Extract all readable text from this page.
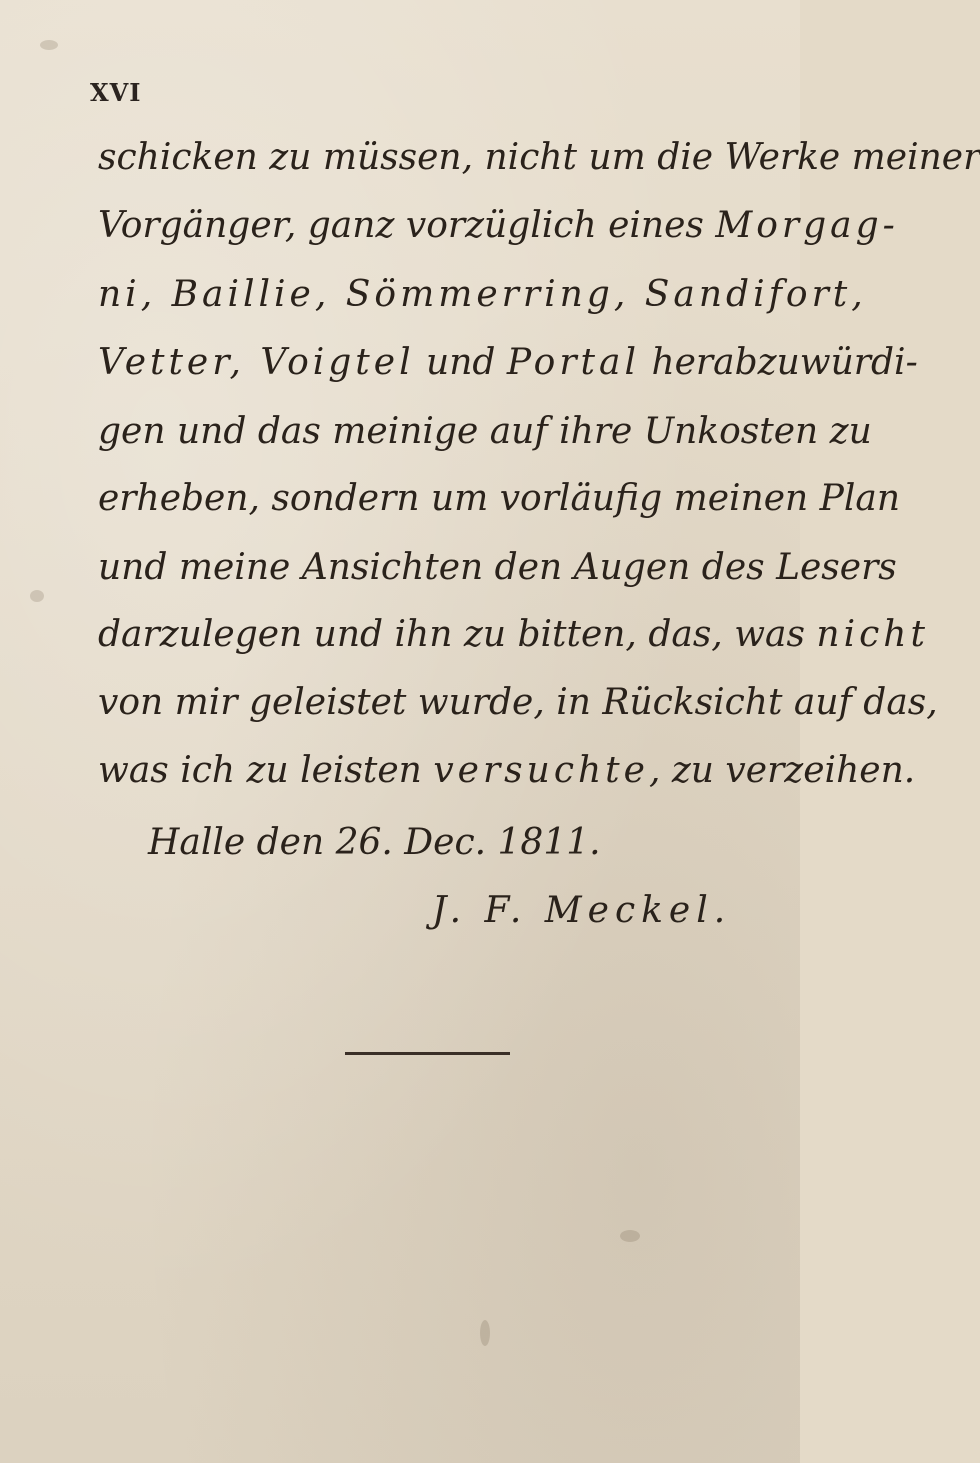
XVI
schicken zu müssen, nicht um die Werke meiner
Vorgänger, ganz vorzüglich eines Morgag-
ni, Baillie, Sömmerring, Sandifort,
Vetter, Voigtel und Portal herabzuwürdi-
gen und das meinige auf ihre Unkosten zu
erheben, sondern um vorläufig meinen Plan
und meine Ansichten den Augen des Lesers
darzulegen und ihn zu bitten, das, was nicht
von mir geleistet wurde, in Rücksicht auf das,
was ich zu leisten versuchte, zu verzeihen.
Halle den 26. Dec. 1811.
J. F. Meckel.
